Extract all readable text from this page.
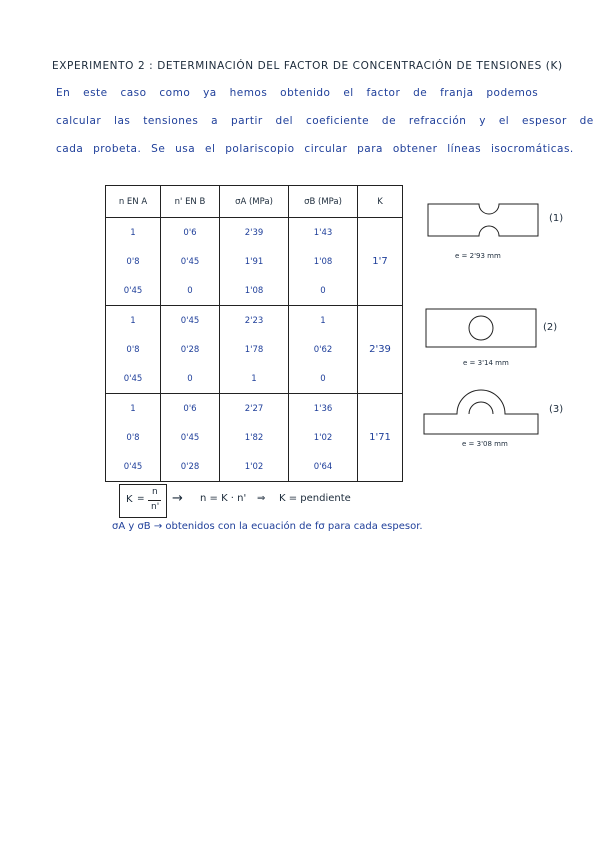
EXPERIMENTO 2 : DETERMINACIÓN DEL FACTOR DE CONCENTRACIÓN DE TENSIONES (K)
En este caso como ya hemos obtenido el factor de franja podemos
calcular las tensiones a partir del coeficiente de refracción y el espesor de
cada probeta. Se usa el polariscopio circular para obtener líneas isocromáticas.
n EN A	n' EN B	σA (MPa)	σB (MPa)	K
1	0'6	2'39	1'43	1'7
0'8	0'45	1'91	1'08	
0'45	0	1'08	0	
1	0'45	2'23	1	2'39
0'8	0'28	1'78	0'62	
0'45	0	1	0	
1	0'6	2'27	1'36	1'71
0'8	0'45	1'82	1'02	
0'45	0'28	1'02	0'64	
(1)
e = 2'93 mm
(2)
e = 3'14 mm
(3)
e = 3'08 mm
K =
n
n'
→ n = K · n' ⇒ K = pendiente
σA y σB → obtenidos con la ecuación de fσ para cada espesor.
